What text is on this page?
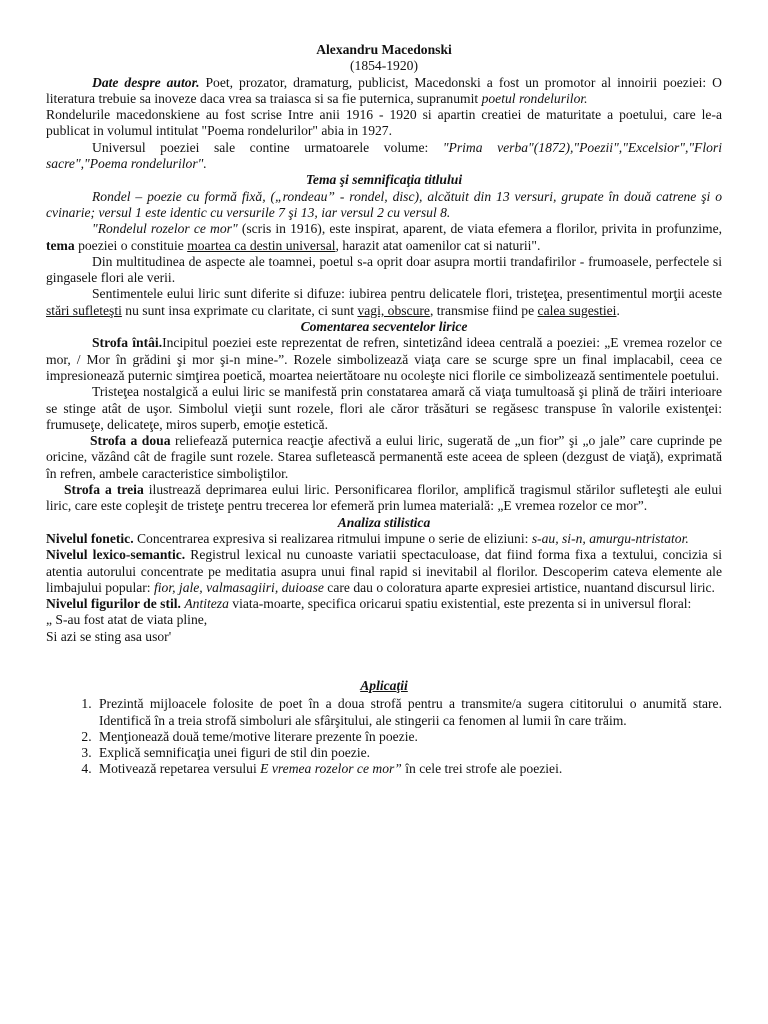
Alexandru Macedonski

(1854-1920)

Date despre autor. Poet, prozator, dramaturg, publicist, Macedonski a fost un promotor al innoirii poeziei: O literatura trebuie sa inoveze daca vrea sa traiasca si sa fie puternica, supranumit poetul rondelurilor.

Rondelurile macedonskiene au fost scrise Intre anii 1916 - 1920 si apartin creatiei de maturitate a poetului, care le-a publicat in volumul intitulat "Poema rondelurilor" abia in 1927.

Universul poeziei sale contine urmatoarele volume: "Prima verba"(1872),"Poezii","Excelsior","Flori sacre","Poema rondelurilor".

Tema şi semnificaţia titlului

Rondel – poezie cu formă fixă, („rondeau” - rondel, disc), alcătuit din 13 versuri, grupate în două catrene şi o cvinarie; versul 1 este identic cu versurile 7 şi 13, iar versul 2 cu versul 8.

"Rondelul rozelor ce mor" (scris in 1916), este inspirat, aparent, de viata efemera a florilor, privita in profunzime, tema poeziei o constituie moartea ca destin universal, harazit atat oamenilor cat si naturii".

Din multitudinea de aspecte ale toamnei, poetul s-a oprit doar asupra mortii trandafirilor - frumoasele, perfectele si gingasele flori ale verii.

Sentimentele eului liric sunt diferite si difuze: iubirea pentru delicatele flori, tristeţea, presentimentul morţii aceste stări sufleteşti nu sunt insa exprimate cu claritate, ci sunt vagi, obscure, transmise fiind pe calea sugestiei.

Comentarea secventelor lirice

Strofa întâi.Incipitul poeziei este reprezentat de refren, sintetizând ideea centrală a poeziei: „E vremea rozelor ce mor, / Mor în grădini şi mor şi-n mine-”. Rozele simbolizează viaţa care se scurge spre un final implacabil, ceea ce impresionează puternic simţirea poetică, moartea neiertătoare nu ocoleşte nici florile ce simbolizează sentimentele poetului.

Tristeţea nostalgică a eului liric se manifestă prin constatarea amară că viaţa tumultoasă şi plină de trăiri interioare se stinge atât de uşor. Simbolul vieţii sunt rozele, flori ale căror trăsături se regăsesc transpuse în valorile existenţei: frumuseţe, delicateţe, miros superb, emoţie estetică.

Strofa a doua reliefează puternica reacţie afectivă a eului liric, sugerată de „un fior” şi „o jale” care cuprinde pe oricine, văzând cât de fragile sunt rozele. Starea sufletească permanentă este aceea de spleen (dezgust de viaţă), exprimată în refren, ambele caracteristice simboliştilor.

Strofa a treia ilustrează deprimarea eului liric. Personificarea florilor, amplifică tragismul stărilor sufleteşti ale eului liric, care este copleşit de tristeţe pentru trecerea lor efemeră prin lumea materială: „E vremea rozelor ce mor”.

Analiza stilistica

Nivelul fonetic. Concentrarea expresiva si realizarea ritmului impune o serie de eliziuni: s-au, si-n, amurgu-ntristator.

Nivelul lexico-semantic. Registrul lexical nu cunoaste variatii spectaculoase, dat fiind forma fixa a textului, concizia si atentia autorului concentrate pe meditatia asupra unui final rapid si inevitabil al florilor. Descoperim cateva elemente ale limbajului popular: fior, jale, valmasagiiri, duioase care dau o coloratura aparte expresiei artistice, nuantand discursul liric.

Nivelul figurilor de stil. Antiteza viata-moarte, specifica oricarui spatiu existential, este prezenta si in universul floral:

„ S-au fost atat de viata pline,

Si azi se sting asa usor'

Aplicaţii

1. Prezintă mijloacele folosite de poet în a doua strofă pentru a transmite/a sugera cititorului o anumită stare. Identifică în a treia strofă simboluri ale sfârşitului, ale stingerii ca fenomen al lumii în care trăim.
2. Menţionează două teme/motive literare prezente în poezie.
3. Explică semnificaţia unei figuri de stil din poezie.
4. Motivează repetarea versului E vremea rozelor ce mor” în cele trei strofe ale poeziei.
